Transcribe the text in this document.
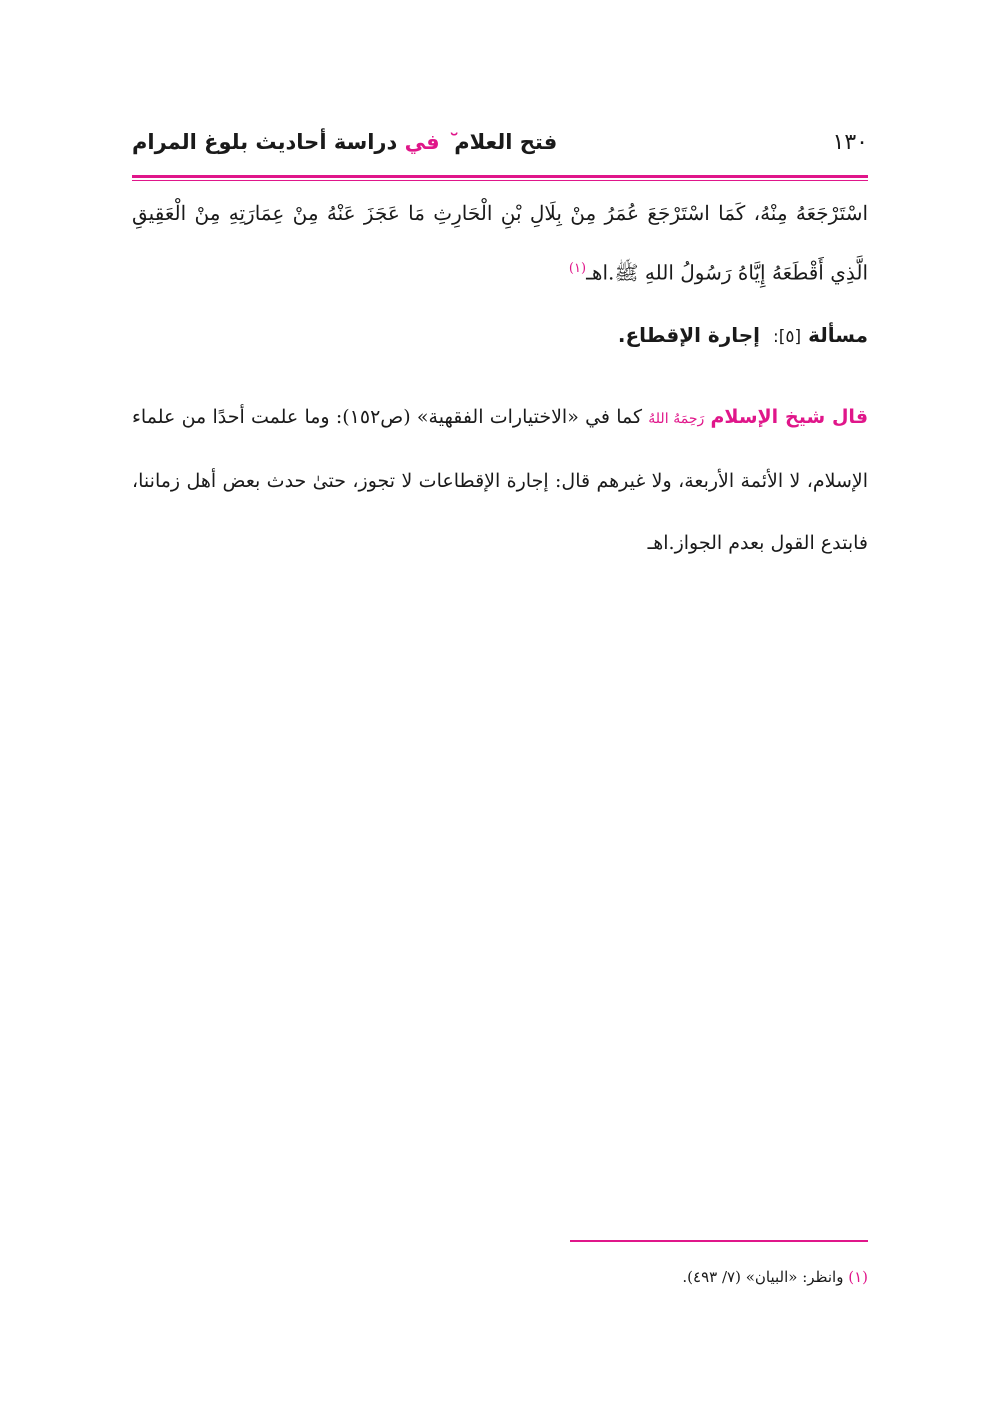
فتح العلام ﬞ في دراسة أحاديث بلوغ المرام	١٣٠
اسْتَرْجَعَهُ مِنْهُ، كَمَا اسْتَرْجَعَ عُمَرُ مِنْ بِلَالِ بْنِ الْحَارِثِ مَا عَجَزَ عَنْهُ مِنْ عِمَارَتِهِ مِنْ الْعَقِيقِ الَّذِي أَقْطَعَهُ إِيَّاهُ رَسُولُ اللهِ ﷺ.اهـ$^{(١)}$
مسألة [٥]: إجارة الإقطاع.
قال شيخ الإسلام رَحِمَهُ اللهُ كما في «الاختيارات الفقهية» (ص١٥٢): وما علمت أحدًا من علماء الإسلام، لا الأئمة الأربعة، ولا غيرهم قال: إجارة الإقطاعات لا تجوز، حتىٰ حدث بعض أهل زماننا، فابتدع القول بعدم الجواز.اهـ
(١) وانظر: «البيان» (٧/ ٤٩٣).
